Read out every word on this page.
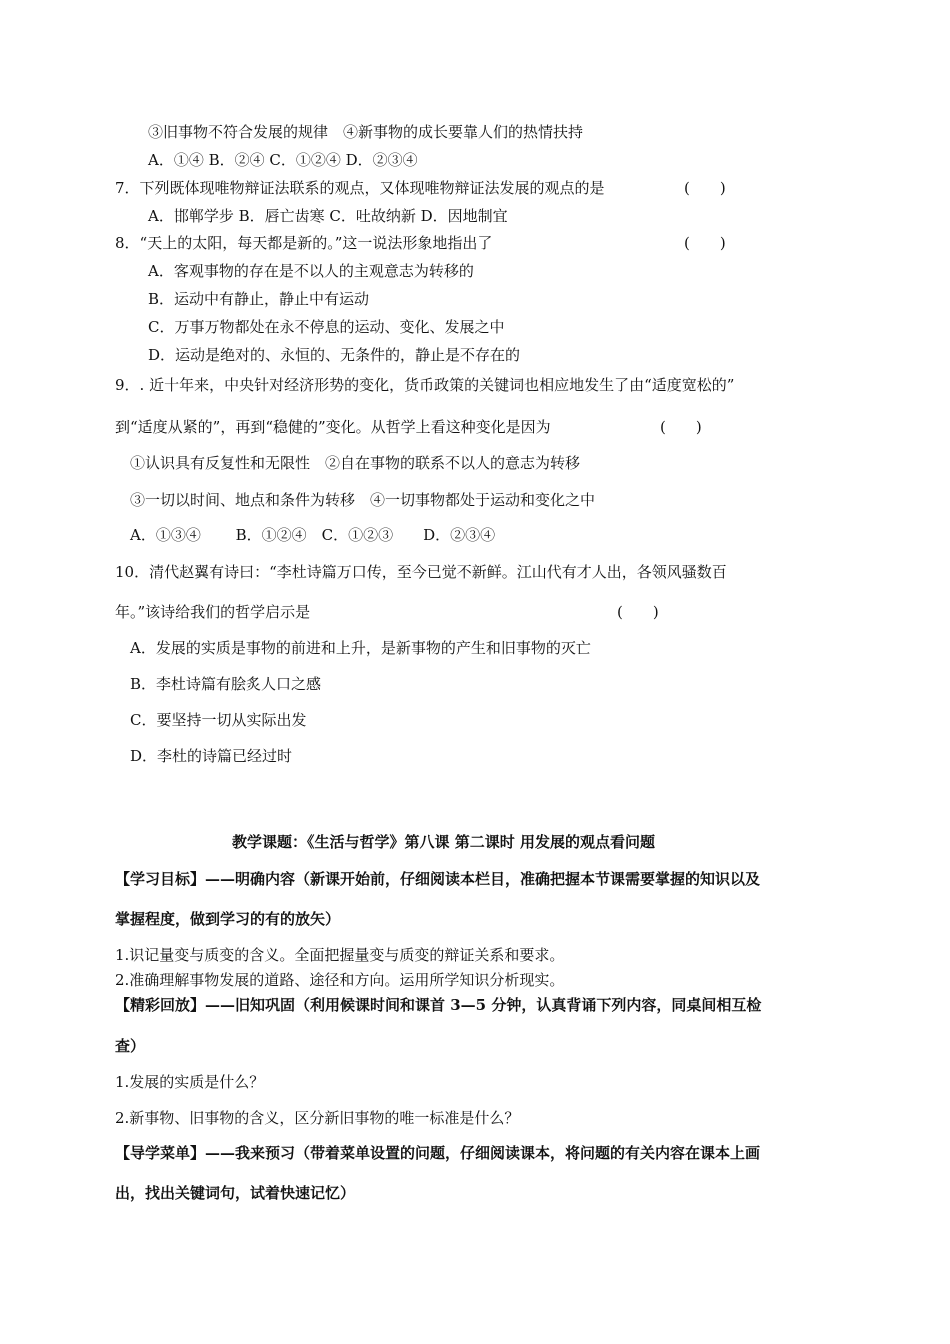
③旧事物不符合发展的规律　④新事物的成长要靠人们的热情扶持
A．①④ B．②④ C．①②④ D．②③④
7．下列既体现唯物辩证法联系的观点，又体现唯物辩证法发展的观点的是	(　　)
A．邯郸学步 B．唇亡齿寒 C．吐故纳新 D．因地制宜
8．“天上的太阳，每天都是新的。”这一说法形象地指出了	(　　)
A．客观事物的存在是不以人的主观意志为转移的
B．运动中有静止，静止中有运动
C．万事万物都处在永不停息的运动、变化、发展之中
D．运动是绝对的、永恒的、无条件的，静止是不存在的
9．. 近十年来，中央针对经济形势的变化，货币政策的关键词也相应地发生了由“适度宽松的”
到“适度从紧的”，再到“稳健的”变化。从哲学上看这种变化是因为	(　　)
①认识具有反复性和无限性　②自在事物的联系不以人的意志为转移
③一切以时间、地点和条件为转移　④一切事物都处于运动和变化之中
A．①③④　　 B．①②④　C．①②③　　D．②③④
10．清代赵翼有诗曰：“李杜诗篇万口传，至今已觉不新鲜。江山代有才人出，各领风骚数百
年。”该诗给我们的哲学启示是	(　　)
A．发展的实质是事物的前进和上升，是新事物的产生和旧事物的灭亡
B．李杜诗篇有脍炙人口之感
C．要坚持一切从实际出发
D．李杜的诗篇已经过时
教学课题：《生活与哲学》第八课 第二课时 用发展的观点看问题
【学习目标】——明确内容（新课开始前，仔细阅读本栏目，准确把握本节课需要掌握的知识以及
掌握程度，做到学习的有的放矢）
1.识记量变与质变的含义。全面把握量变与质变的辩证关系和要求。
2.准确理解事物发展的道路、途径和方向。运用所学知识分析现实。
【精彩回放】——旧知巩固（利用候课时间和课首 3—5 分钟，认真背诵下列内容，同桌间相互检
查）
1.发展的实质是什么？
2.新事物、旧事物的含义，区分新旧事物的唯一标准是什么？
【导学菜单】——我来预习（带着菜单设置的问题，仔细阅读课本，将问题的有关内容在课本上画
出，找出关键词句，试着快速记忆）
